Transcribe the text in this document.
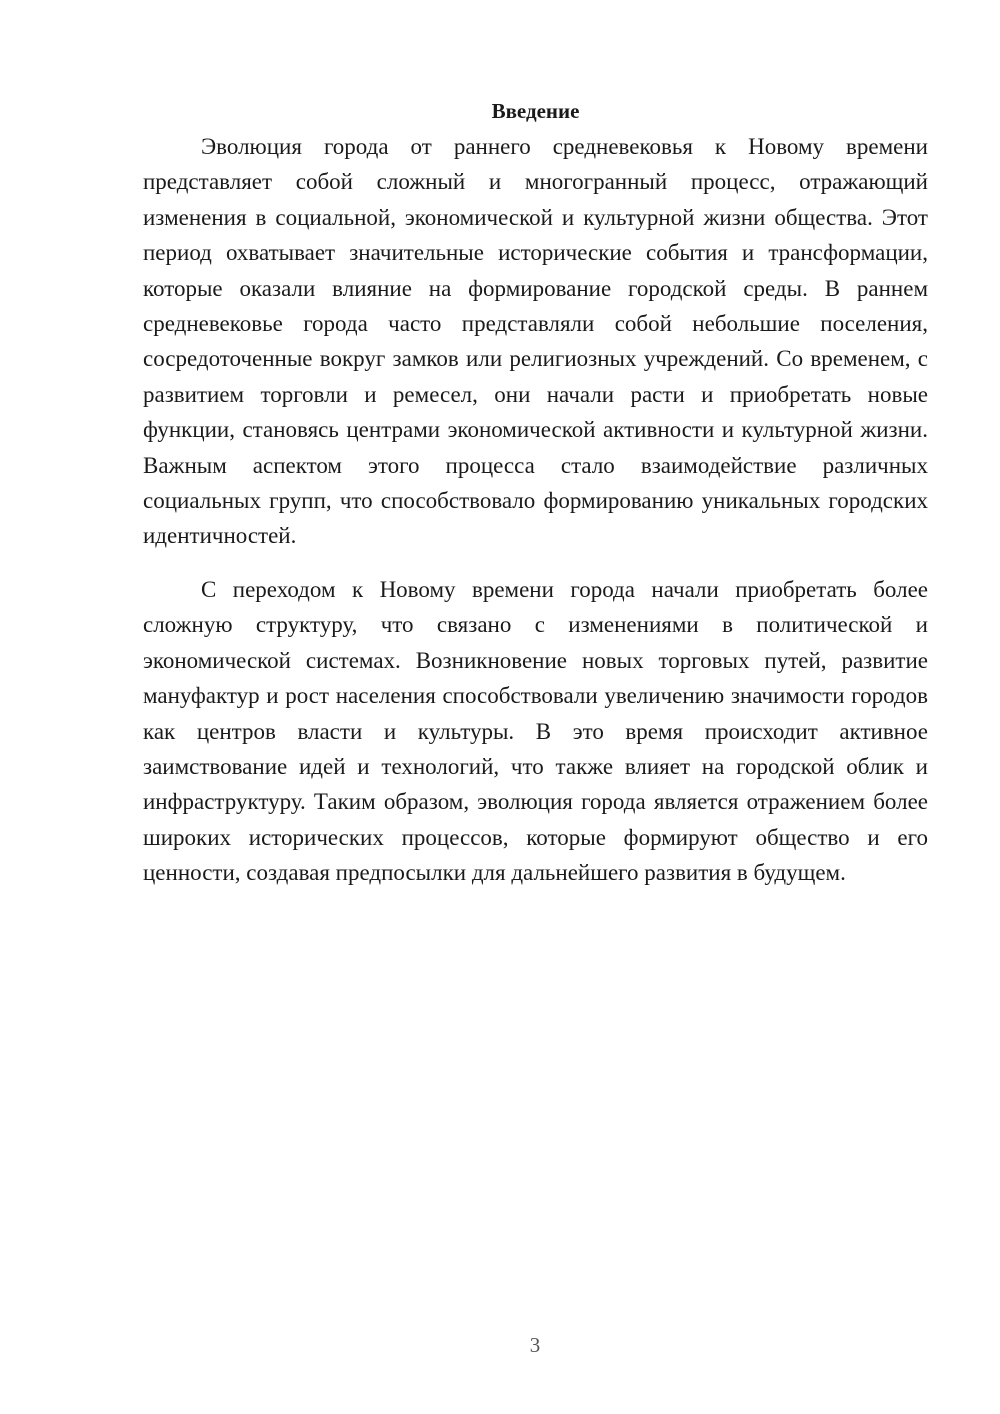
Введение

Эволюция города от раннего средневековья к Новому времени представляет собой сложный и многогранный процесс, отражающий изменения в социальной, экономической и культурной жизни общества. Этот период охватывает значительные исторические события и трансформации, которые оказали влияние на формирование городской среды. В раннем средневековье города часто представляли собой небольшие поселения, сосредоточенные вокруг замков или религиозных учреждений. Со временем, с развитием торговли и ремесел, они начали расти и приобретать новые функции, становясь центрами экономической активности и культурной жизни. Важным аспектом этого процесса стало взаимодействие различных социальных групп, что способствовало формированию уникальных городских идентичностей.

С переходом к Новому времени города начали приобретать более сложную структуру, что связано с изменениями в политической и экономической системах. Возникновение новых торговых путей, развитие мануфактур и рост населения способствовали увеличению значимости городов как центров власти и культуры. В это время происходит активное заимствование идей и технологий, что также влияет на городской облик и инфраструктуру. Таким образом, эволюция города является отражением более широких исторических процессов, которые формируют общество и его ценности, создавая предпосылки для дальнейшего развития в будущем.

3
